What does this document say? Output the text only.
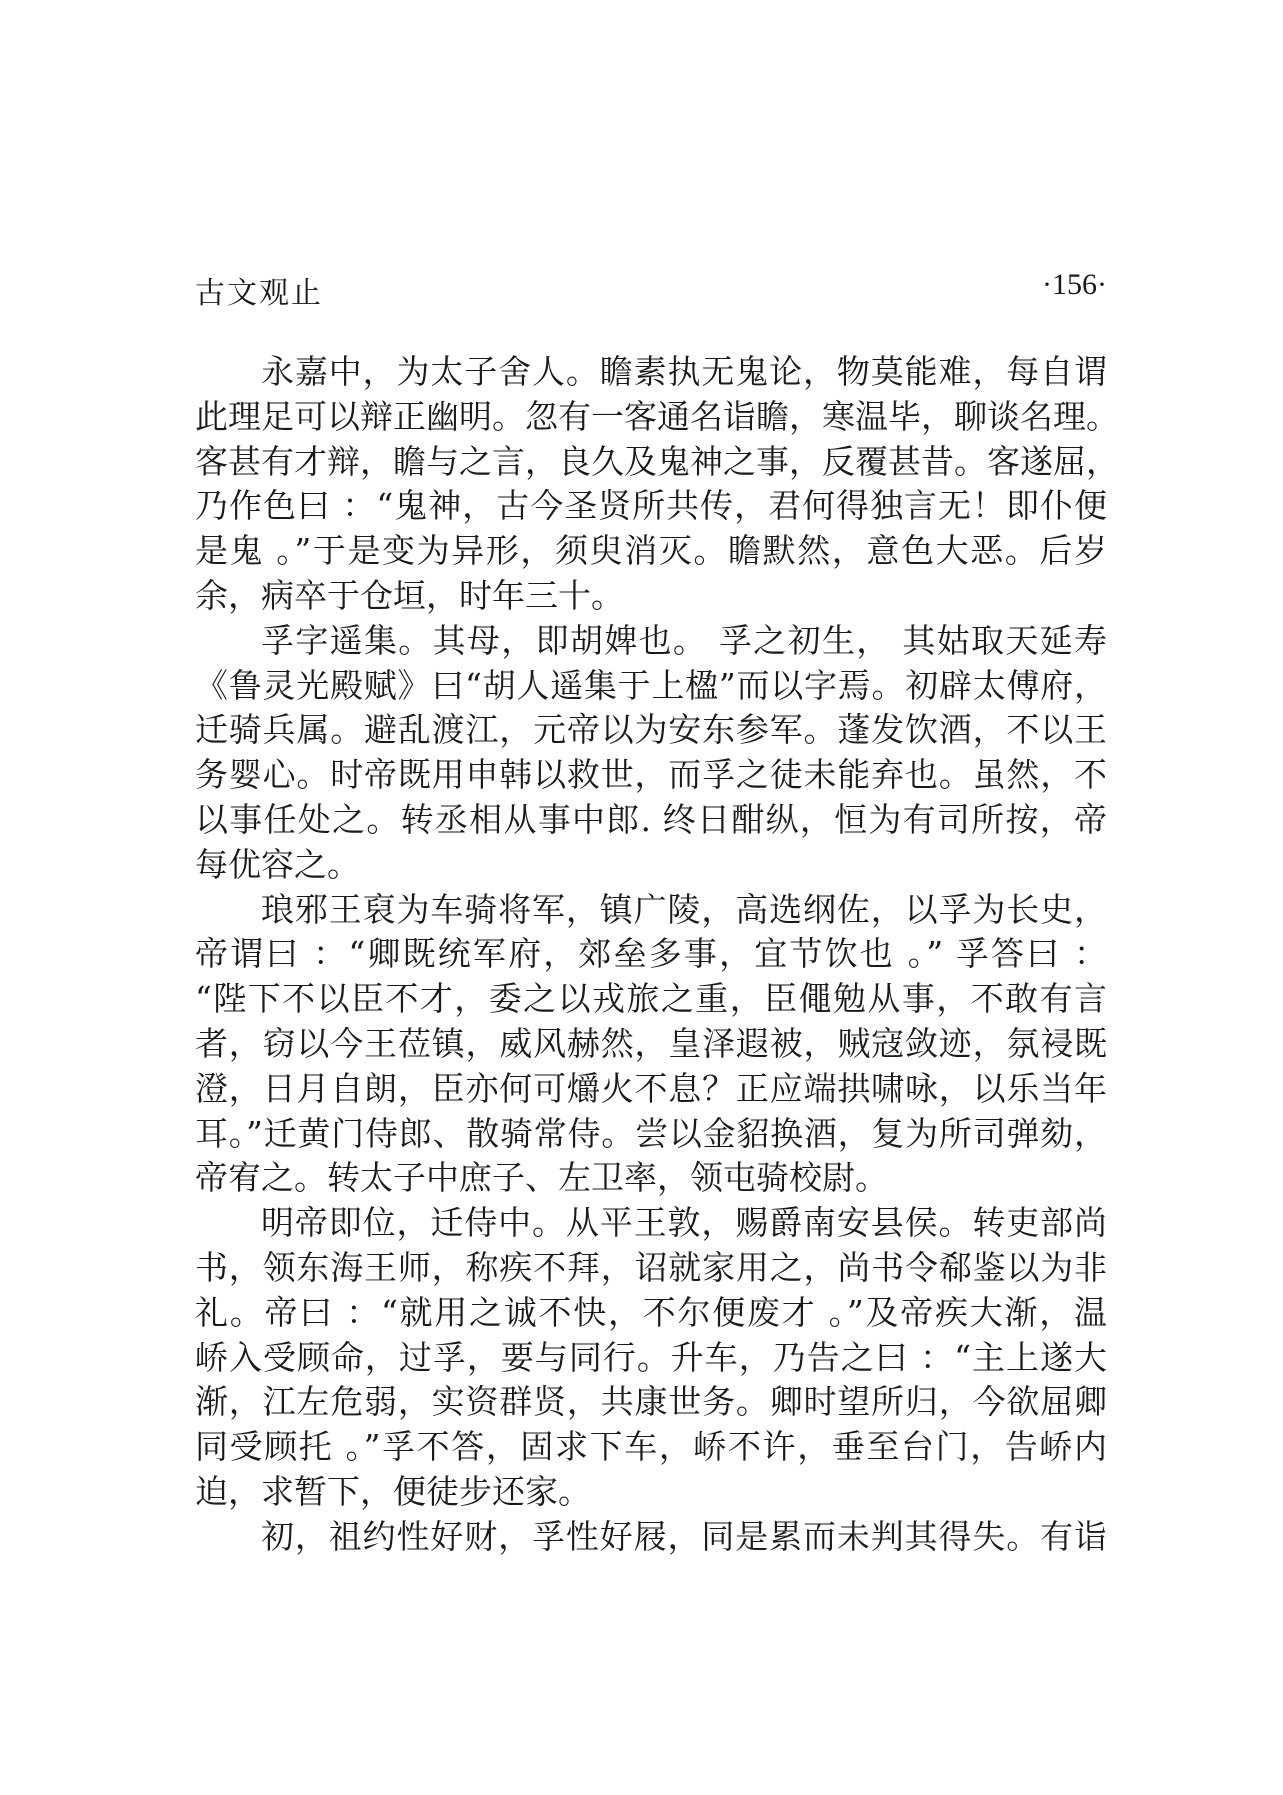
古文观止	·156·
永嘉中，为太子舍人。瞻素执无鬼论，物莫能难，每自谓
此理足可以辩正幽明。忽有一客通名诣瞻，寒温毕，聊谈名理。
客甚有才辩，瞻与之言，良久及鬼神之事，反覆甚昔。客遂屈，
乃作色曰 ：“鬼神，古今圣贤所共传，君何得独言无！即仆便
是鬼 。”于是变为异形，须臾消灭。瞻默然，意色大恶。后岁
余，病卒于仓垣，时年三十。
孚字遥集。其母，即胡婢也。 孚之初生， 其姑取天延寿
《鲁灵光殿赋》曰“胡人遥集于上楹”而以字焉。初辟太傅府，
迁骑兵属。避乱渡江，元帝以为安东参军。蓬发饮酒，不以王
务婴心。时帝既用申韩以救世，而孚之徒未能弃也。虽然，不
以事任处之。转丞相从事中郎. 终日酣纵，恒为有司所按，帝
每优容之。
琅邪王裒为车骑将军，镇广陵，高选纲佐，以孚为长史，
帝谓曰 ：“卿既统军府，郊垒多事，宜节饮也 。” 孚答曰 ：
“陛下不以臣不才，委之以戎旅之重，臣僶勉从事，不敢有言
者，窃以今王莅镇，威风赫然，皇泽遐被，贼寇敛迹，氛祲既
澄，日月自朗，臣亦何可爝火不息？正应端拱啸咏，以乐当年
耳。”迁黄门侍郎、散骑常侍。尝以金貂换酒，复为所司弹劾，
帝宥之。转太子中庶子、左卫率，领屯骑校尉。
明帝即位，迁侍中。从平王敦，赐爵南安县侯。转吏部尚
书，领东海王师，称疾不拜，诏就家用之，尚书令郗鉴以为非
礼。帝曰 ：“就用之诚不快，不尔便废才 。”及帝疾大渐，温
峤入受顾命，过孚，要与同行。升车，乃告之曰 ：“主上遂大
渐，江左危弱，实资群贤，共康世务。卿时望所归，今欲屈卿
同受顾托 。”孚不答，固求下车，峤不许，垂至台门，告峤内
迫，求暂下，便徒步还家。
初，祖约性好财，孚性好屐，同是累而未判其得失。有诣
